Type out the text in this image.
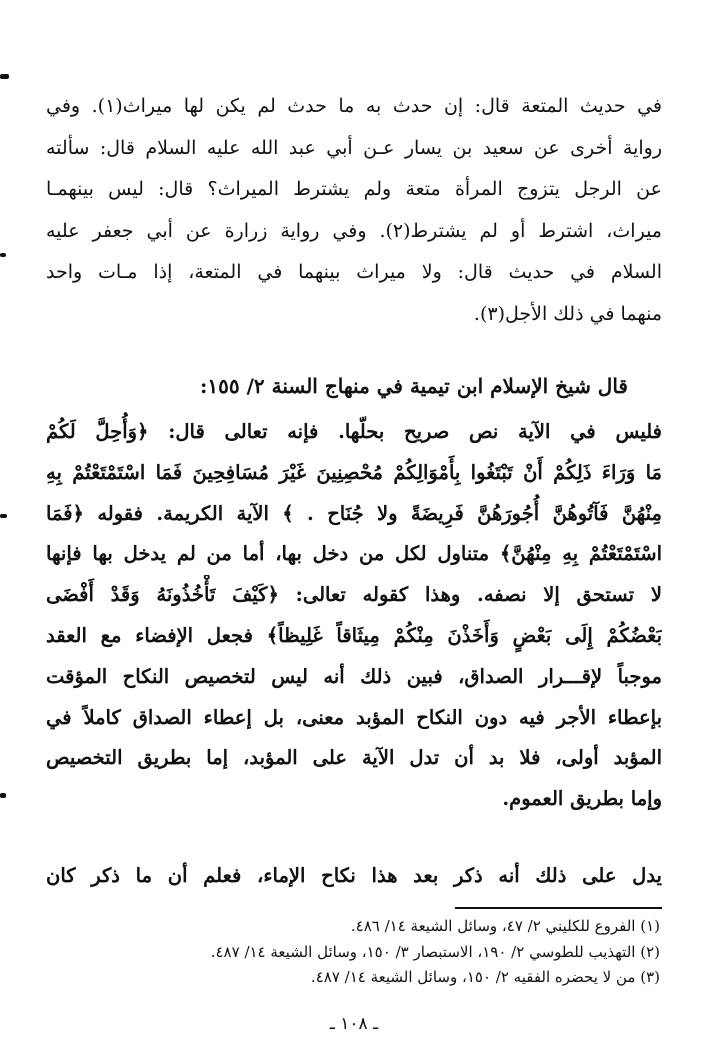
في حديث المتعة قال: إن حدث به ما حدث لم يكن لها ميراث(١). وفي
رواية أخرى عن سعيد بن يسار عـن أبي عبد الله عليه السلام قال: سألته
عن الرجل يتزوج المرأة متعة ولم يشترط الميراث؟ قال: ليس بينهمـا
ميراث، اشترط أو لم يشترط(٢). وفي رواية زرارة عن أبي جعفر عليه
السلام في حديث قال: ولا ميراث بينهما في المتعة، إذا مـات واحد
منهما في ذلك الأجل(٣).
قال شيخ الإسلام ابن تيمية في منهاج السنة ٢/ ١٥٥:
فليس في الآية نص صريح بحلّها. فإنه تعالى قال: ﴿وَأُحِلَّ لَكُمْ
مَا وَرَاءَ ذَلِكُمْ أَنْ تَبْتَغُوا بِأَمْوَالِكُمْ مُحْصِنِينَ غَيْرَ مُسَافِحِينَ فَمَا اسْتَمْتَعْتُمْ بِهِ
مِنْهُنَّ فَآتُوهُنَّ أُجُورَهُنَّ فَرِيضَةً ولا جُنَاح . ﴾ الآية الكريمة. فقوله ﴿فَمَا
اسْتَمْتَعْتُمْ بِهِ مِنْهُنَّ﴾ متناول لكل من دخل بها، أما من لم يدخل بها فإنها
لا تستحق إلا نصفه. وهذا كقوله تعالى: ﴿كَيْفَ تَأْخُذُونَهُ وَقَدْ أَفْضَى
بَعْضُكُمْ إِلَى بَعْضٍ وَأَخَذْنَ مِنْكُمْ مِيثَاقاً غَلِيظاً﴾ فجعل الإفضاء مع العقد
موجباً لإقـــرار الصداق، فبين ذلك أنه ليس لتخصيص النكاح المؤقت
بإعطاء الأجر فيه دون النكاح المؤبد معنى، بل إعطاء الصداق كاملاً في
المؤبد أولى، فلا بد أن تدل الآية على المؤبد، إما بطريق التخصيص
وإما بطريق العموم.
يدل على ذلك أنه ذكر بعد هذا نكاح الإماء، فعلم أن ما ذكر كان
(١) الفروع للكليني ٢/ ٤٧، وسائل الشيعة ١٤/ ٤٨٦.
(٢) التهذيب للطوسي ٢/ ١٩٠، الاستبصار ٣/ ١٥٠، وسائل الشيعة ١٤/ ٤٨٧.
(٣) من لا يحضره الفقيه ٢/ ١٥٠، وسائل الشيعة ١٤/ ٤٨٧.
ـ ١٠٨ ـ
